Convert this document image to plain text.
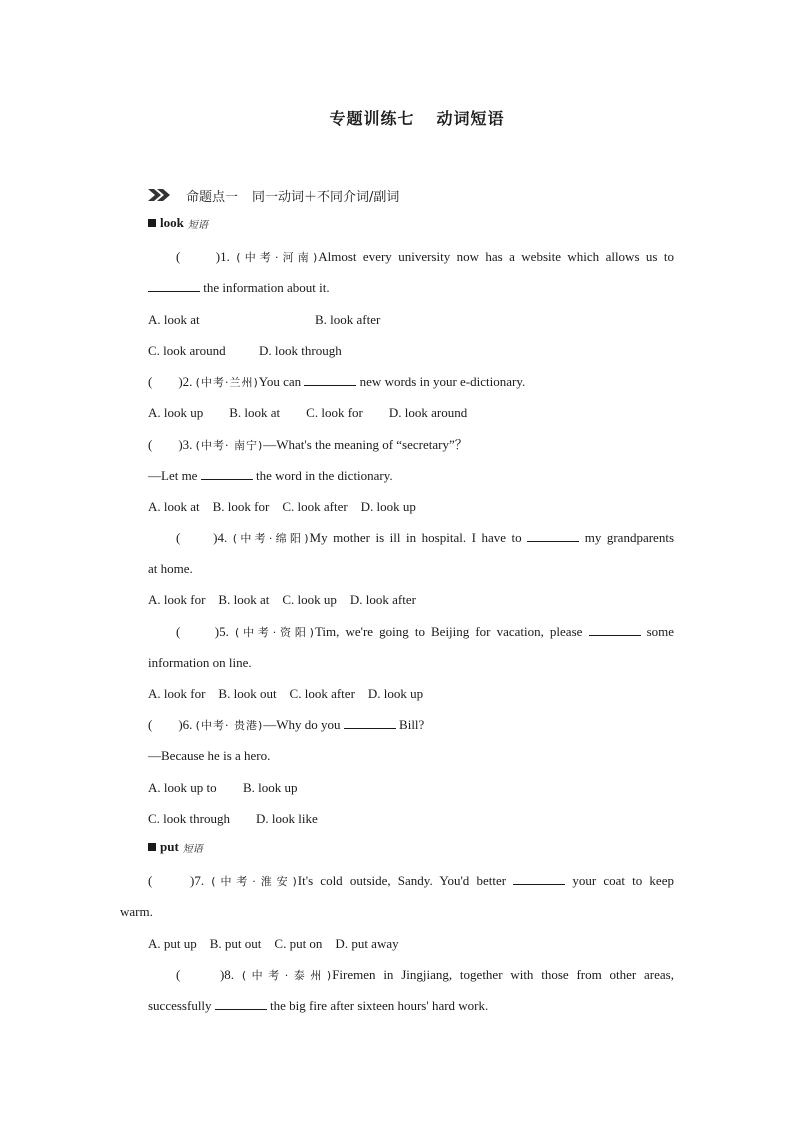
专题训练七 动词短语
命题点一 同一动词＋不同介词/副词
look 短语
(　　)1. (中考·河南)Almost every university now has a website which allows us to
the information about it.
A. look at	B. look after
C. look around	D. look through
(　　)2. (中考·兰州)You can	new words in your e-dictionary.
A. look up　　B. look at　　C. look for　　D. look around
(　　)3. (中考· 南宁)—What's the meaning of “secretary”？
—Let me	the word in the dictionary.
A. look at　B. look for　C. look after　D. look up
(　　)4. (中考·绵阳)My mother is ill in hospital. I have to	my grandparents
at home.
A. look for　B. look at　C. look up　D. look after
(　　)5. (中考·资阳)Tim, we're going to Beijing for vacation, please	some
information on line.
A. look for　B. look out　C. look after　D. look up
(　　)6. (中考· 贵港)—Why do you	Bill?
—Because he is a hero.
A. look up to B. look up
C. look through D. look like
put 短语
(　　)7. (中考·淮安)It's cold outside, Sandy. You'd better	your coat to keep
warm.
A. put up　B. put out　C. put on　D. put away
(　　)8. (中考·泰州)Firemen in Jingjiang, together with those from other areas,
successfully	the big fire after sixteen hours' hard work.
